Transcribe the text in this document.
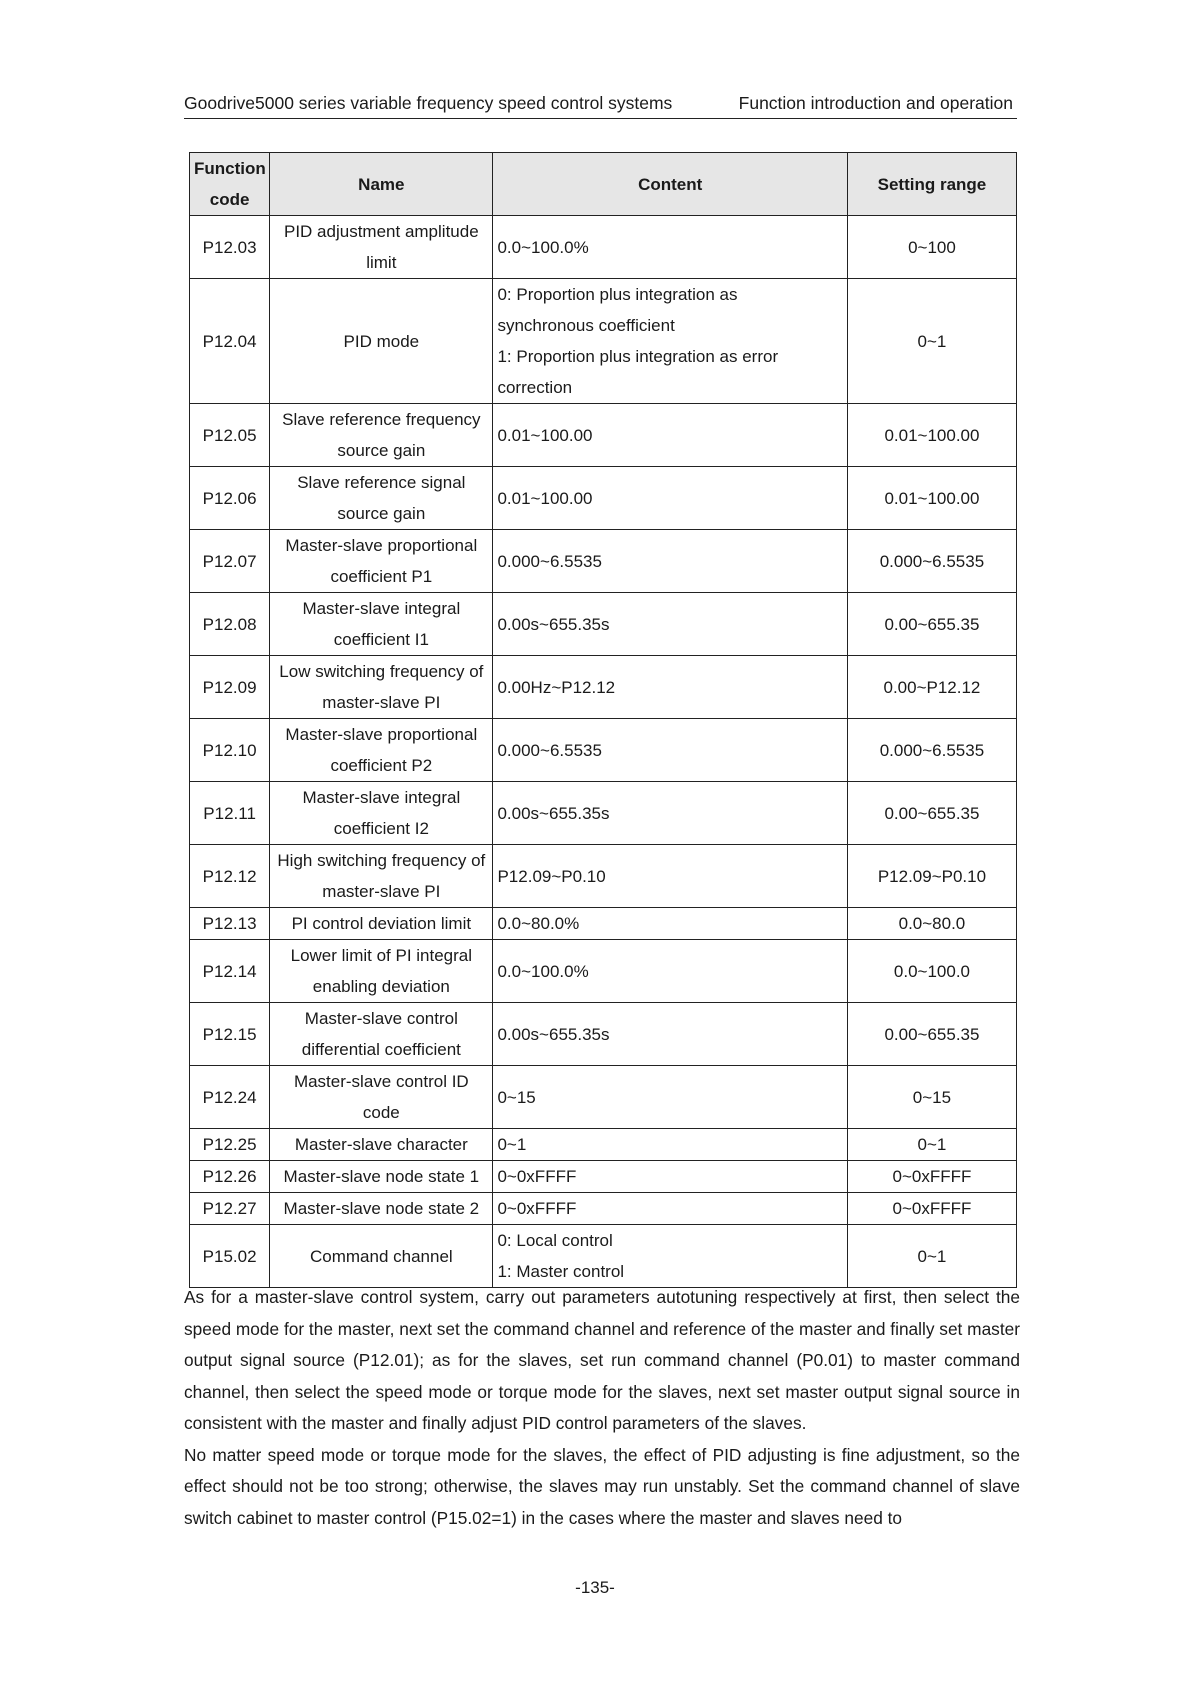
Goodrive5000 series variable frequency speed control systems	Function introduction and operation
Function code	Name	Content	Setting range
P12.03	PID adjustment amplitude limit	0.0~100.0%	0~100
P12.04	PID mode	0: Proportion plus integration as
synchronous coefficient
1: Proportion plus integration as error
correction	0~1
P12.05	Slave reference frequency source gain	0.01~100.00	0.01~100.00
P12.06	Slave reference signal source gain	0.01~100.00	0.01~100.00
P12.07	Master-slave proportional coefficient P1	0.000~6.5535	0.000~6.5535
P12.08	Master-slave integral coefficient I1	0.00s~655.35s	0.00~655.35
P12.09	Low switching frequency of master-slave PI	0.00Hz~P12.12	0.00~P12.12
P12.10	Master-slave proportional coefficient P2	0.000~6.5535	0.000~6.5535
P12.11	Master-slave integral coefficient I2	0.00s~655.35s	0.00~655.35
P12.12	High switching frequency of master-slave PI	P12.09~P0.10	P12.09~P0.10
P12.13	PI control deviation limit	0.0~80.0%	0.0~80.0
P12.14	Lower limit of PI integral enabling deviation	0.0~100.0%	0.0~100.0
P12.15	Master-slave control differential coefficient	0.00s~655.35s	0.00~655.35
P12.24	Master-slave control ID code	0~15	0~15
P12.25	Master-slave character	0~1	0~1
P12.26	Master-slave node state 1	0~0xFFFF	0~0xFFFF
P12.27	Master-slave node state 2	0~0xFFFF	0~0xFFFF
P15.02	Command channel	0: Local control
1: Master control	0~1

As for a master-slave control system, carry out parameters autotuning respectively at first, then select the speed mode for the master, next set the command channel and reference of the master and finally set master output signal source (P12.01); as for the slaves, set run command channel (P0.01) to master command channel, then select the speed mode or torque mode for the slaves, next set master output signal source in consistent with the master and finally adjust PID control parameters of the slaves.

No matter speed mode or torque mode for the slaves, the effect of PID adjusting is fine adjustment, so the effect should not be too strong; otherwise, the slaves may run unstably. Set the command channel of slave switch cabinet to master control (P15.02=1) in the cases where the master and slaves need to

-135-
